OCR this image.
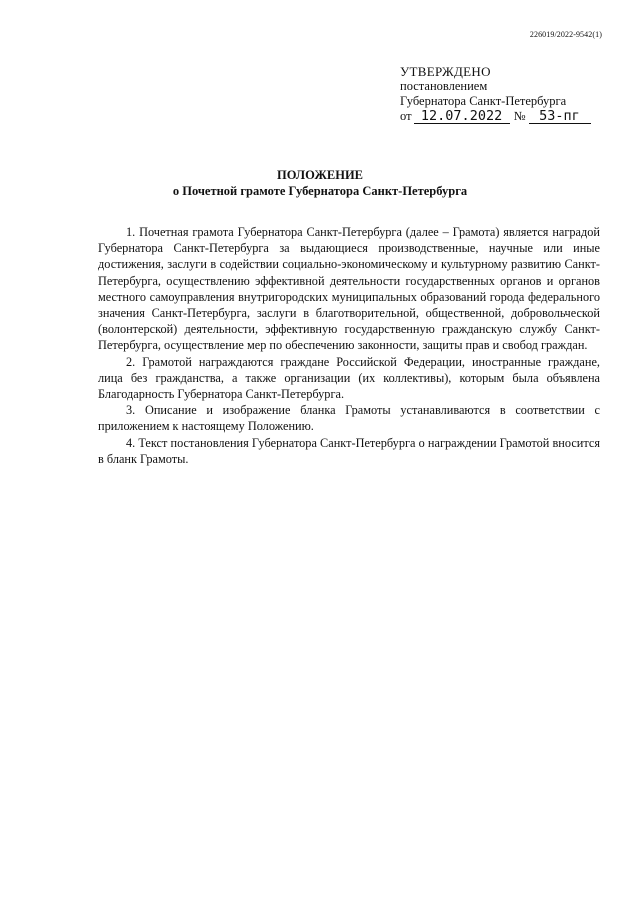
226019/2022-9542(1)
УТВЕРЖДЕНО
постановлением
Губернатора Санкт-Петербурга
от 12.07.2022 № 53-пг
ПОЛОЖЕНИЕ
о Почетной грамоте Губернатора Санкт-Петербурга

1. Почетная грамота Губернатора Санкт-Петербурга (далее – Грамота) является наградой Губернатора Санкт-Петербурга за выдающиеся производственные, научные или иные достижения, заслуги в содействии социально-экономическому и культурному развитию Санкт-Петербурга, осуществлению эффективной деятельности государственных органов и органов местного самоуправления внутригородских муниципальных образований города федерального значения Санкт-Петербурга, заслуги в благотворительной, общественной, добровольческой (волонтерской) деятельности, эффективную государственную гражданскую службу Санкт-Петербурга, осуществление мер по обеспечению законности, защиты прав и свобод граждан.

2. Грамотой награждаются граждане Российской Федерации, иностранные граждане, лица без гражданства, а также организации (их коллективы), которым была объявлена Благодарность Губернатора Санкт-Петербурга.

3. Описание и изображение бланка Грамоты устанавливаются в соответствии с приложением к настоящему Положению.

4. Текст постановления Губернатора Санкт-Петербурга о награждении Грамотой вносится в бланк Грамоты.
